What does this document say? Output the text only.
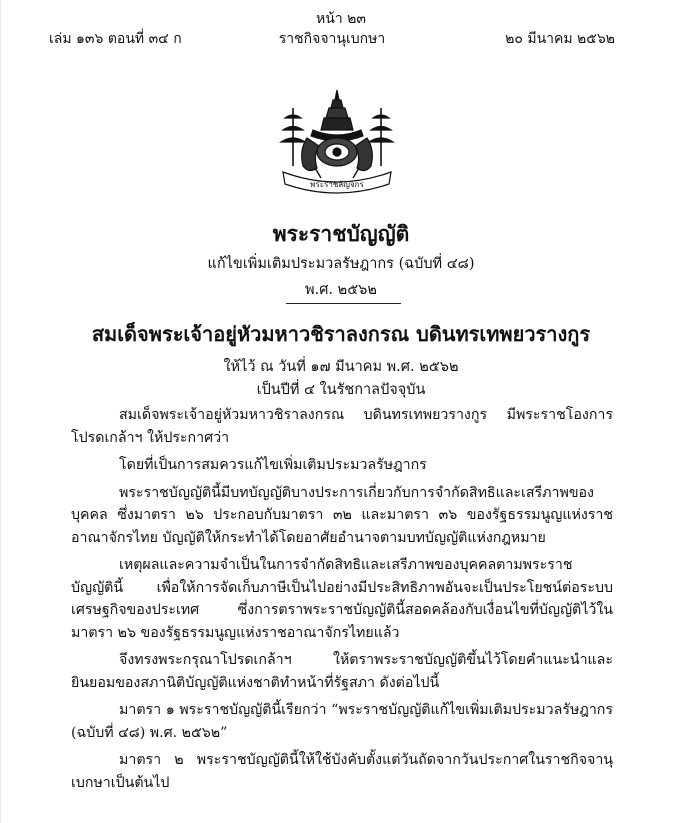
หน้า ๒๓
เล่ม ๑๓๖ ตอนที่ ๓๔ ก	ราชกิจจานุเบกษา	๒๐ มีนาคม ๒๕๖๒
พระราชลัญจกร
พระราชบัญญัติ
แก้ไขเพิ่มเติมประมวลรัษฎากร (ฉบับที่ ๔๘)
พ.ศ. ๒๕๖๒
สมเด็จพระเจ้าอยู่หัวมหาวชิราลงกรณ บดินทรเทพยวรางกูร
ให้ไว้ ณ วันที่ ๑๗ มีนาคม พ.ศ. ๒๕๖๒
เป็นปีที่ ๔ ในรัชกาลปัจจุบัน

สมเด็จพระเจ้าอยู่หัวมหาวชิราลงกรณ บดินทรเทพยวรางกูร มีพระราชโองการโปรดเกล้าฯ ให้ประกาศว่า

โดยที่เป็นการสมควรแก้ไขเพิ่มเติมประมวลรัษฎากร

พระราชบัญญัตินี้มีบทบัญญัติบางประการเกี่ยวกับการจำกัดสิทธิและเสรีภาพของบุคคล ซึ่งมาตรา ๒๖ ประกอบกับมาตรา ๓๒ และมาตรา ๓๖ ของรัฐธรรมนูญแห่งราชอาณาจักรไทย บัญญัติให้กระทำได้โดยอาศัยอำนาจตามบทบัญญัติแห่งกฎหมาย

เหตุผลและความจำเป็นในการจำกัดสิทธิและเสรีภาพของบุคคลตามพระราชบัญญัตินี้ เพื่อให้การจัดเก็บภาษีเป็นไปอย่างมีประสิทธิภาพอันจะเป็นประโยชน์ต่อระบบเศรษฐกิจของประเทศ ซึ่งการตราพระราชบัญญัตินี้สอดคล้องกับเงื่อนไขที่บัญญัติไว้ในมาตรา ๒๖ ของรัฐธรรมนูญแห่งราชอาณาจักรไทยแล้ว

จึงทรงพระกรุณาโปรดเกล้าฯ ให้ตราพระราชบัญญัติขึ้นไว้โดยคำแนะนำและยินยอมของสภานิติบัญญัติแห่งชาติทำหน้าที่รัฐสภา ดังต่อไปนี้

มาตรา ๑ พระราชบัญญัตินี้เรียกว่า “พระราชบัญญัติแก้ไขเพิ่มเติมประมวลรัษฎากร (ฉบับที่ ๔๘) พ.ศ. ๒๕๖๒”

มาตรา ๒ พระราชบัญญัตินี้ให้ใช้บังคับตั้งแต่วันถัดจากวันประกาศในราชกิจจานุเบกษาเป็นต้นไป
